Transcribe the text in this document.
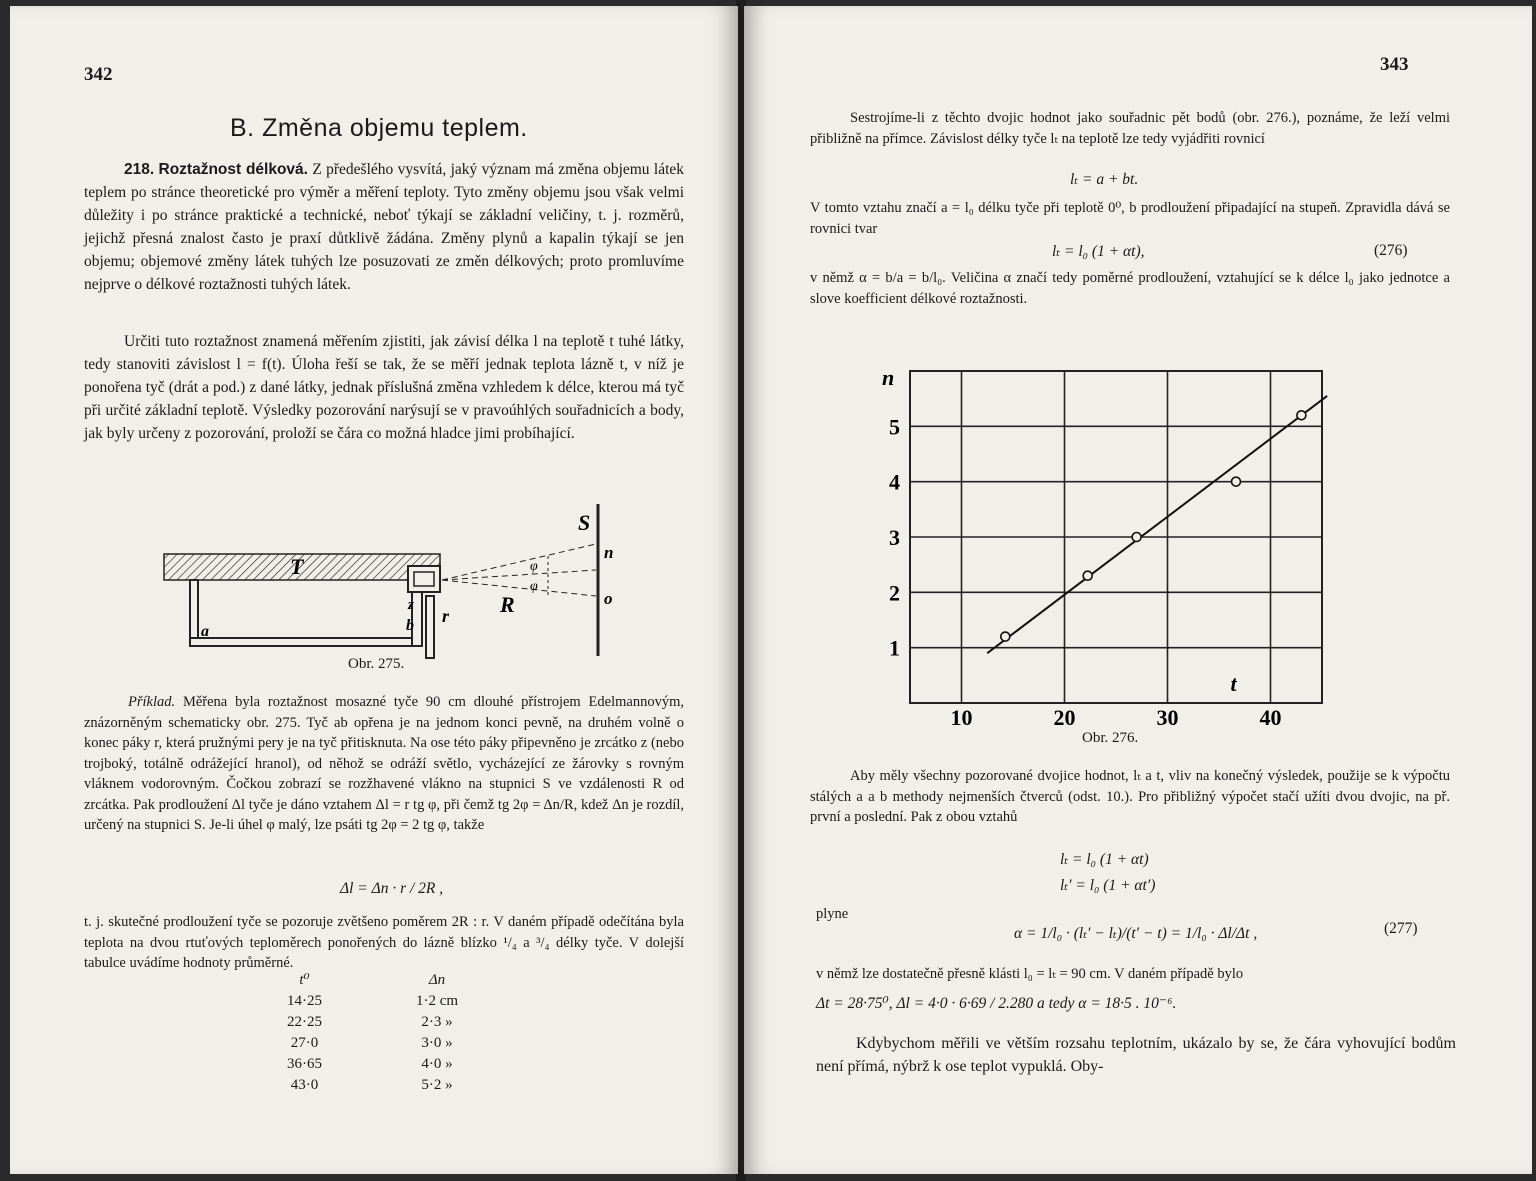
342
B. Změna objemu teplem.
218. Roztažnost délková. Z předešlého vysvítá, jaký význam má změna objemu látek teplem po stránce theoretické pro výměr a měření teploty. Tyto změny objemu jsou však velmi důležity i po stránce praktické a technické, neboť týkají se základní veličiny, t. j. rozměrů, jejichž přesná znalost často je praxí důtklivě žádána. Změny plynů a kapalin týkají se jen objemu; objemové změny látek tuhých lze posuzovati ze změn délkových; proto promluvíme nejprve o délkové roztažnosti tuhých látek.
Určiti tuto roztažnost znamená měřením zjistiti, jak závisí délka l na teplotě t tuhé látky, tedy stanoviti závislost l = f(t). Úloha řeší se tak, že se měří jednak teplota lázně t, v níž je ponořena tyč (drát a pod.) z dané látky, jednak příslušná změna vzhledem k délce, kterou má tyč při určité základní teplotě. Výsledky pozorování narýsují se v pravoúhlých souřadnicích a body, jak byly určeny z pozorování, proloží se čára co možná hladce jimi probíhající.
T
a	b
z
r
φ
φ
R
S
n
o
Obr. 275.
Příklad. Měřena byla roztažnost mosazné tyče 90 cm dlouhé přístrojem Edelmannovým, znázorněným schematicky obr. 275. Tyč ab opřena je na jednom konci pevně, na druhém volně o konec páky r, která pružnými pery je na tyč přitisknuta. Na ose této páky připevněno je zrcátko z (nebo trojboký, totálně odrážející hranol), od něhož se odráží světlo, vycházející ze žárovky s rovným vláknem vodorovným. Čočkou zobrazí se rozžhavené vlákno na stupnici S ve vzdálenosti R od zrcátka. Pak prodloužení Δl tyče je dáno vztahem Δl = r tg φ, při čemž tg 2φ = Δn/R, kdež Δn je rozdíl, určený na stupnici S. Je-li úhel φ malý, lze psáti tg 2φ = 2 tg φ, takže
Δl = Δn · r / 2R ,
t. j. skutečné prodloužení tyče se pozoruje zvětšeno poměrem 2R : r. V daném případě odečítána byla teplota na dvou rtuťových teploměrech ponořených do lázně blízko ¹/₄ a ³/₄ délky tyče. V dolejší tabulce uvádíme hodnoty průměrné.
t⁰	Δn
14·25	1·2 cm
22·25	2·3 »
27·0	3·0 »
36·65	4·0 »
43·0	5·2 »
343
Sestrojíme-li z těchto dvojic hodnot jako souřadnic pět bodů (obr. 276.), poznáme, že leží velmi přibližně na přímce. Závislost délky tyče lₜ na teplotě lze tedy vyjádřiti rovnicí
lₜ = a + bt.
V tomto vztahu značí a = l₀ délku tyče při teplotě 0⁰, b prodloužení připadající na stupeň. Zpravidla dává se rovnici tvar
lₜ = l₀ (1 + αt),	(276)
v němž α = b/a = b/l₀. Veličina α značí tedy poměrné prodloužení, vztahující se k délce l₀ jako jednotce a slove koefficient délkové roztažnosti.
10	20	30	40
1
2
3
4
5
n
t
Obr. 276.
Aby měly všechny pozorované dvojice hodnot, lₜ a t, vliv na konečný výsledek, použije se k výpočtu stálých a a b methody nejmenších čtverců (odst. 10.). Pro přibližný výpočet stačí užíti dvou dvojic, na př. první a poslední. Pak z obou vztahů
lₜ = l₀ (1 + αt)
lₜ′ = l₀ (1 + αt′)
plyne
α = 1/l₀ · (lₜ′ − lₜ)/(t′ − t) = 1/l₀ · Δl/Δt ,	(277)
v němž lze dostatečně přesně klásti l₀ = lₜ = 90 cm. V daném případě bylo
Δt = 28·75⁰, Δl = 4·0 · 6·69 / 2.280 a tedy α = 18·5 . 10⁻⁶.
Kdybychom měřili ve větším rozsahu teplotním, ukázalo by se, že čára vyhovující bodům není přímá, nýbrž k ose teplot vypuklá. Oby-
